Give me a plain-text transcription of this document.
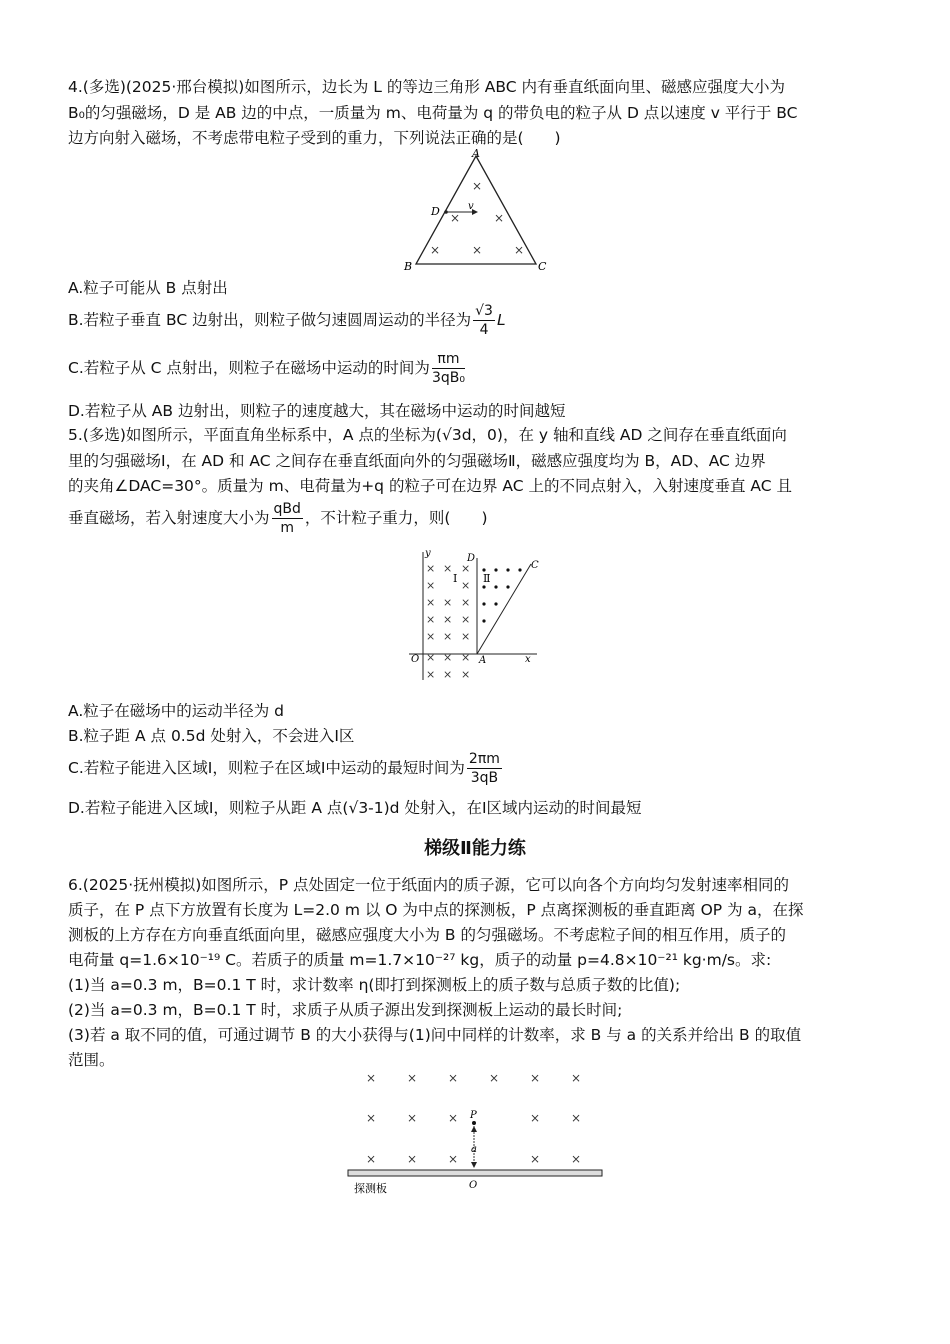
4.(多选)(2025·邢台模拟)如图所示，边长为 L 的等边三角形 ABC 内有垂直纸面向里、磁感应强度大小为
B₀的匀强磁场，D 是 AB 边的中点，一质量为 m、电荷量为 q 的带负电的粒子从 D 点以速度 v 平行于 BC
边方向射入磁场，不考虑带电粒子受到的重力，下列说法正确的是(　　)
A
B	C
D	v
×
×	×
×	×	×
A.粒子可能从 B 点射出
B.若粒子垂直 BC 边射出，则粒子做匀速圆周运动的半径为 $\frac{√3}{4}$ L
C.若粒子从 C 点射出，则粒子在磁场中运动的时间为 $\frac{\pi m}{\text{3qB₀}}$
D.若粒子从 AB 边射出，则粒子的速度越大，其在磁场中运动的时间越短
5.(多选)如图所示，平面直角坐标系中，A 点的坐标为(√3d，0)，在 y 轴和直线 AD 之间存在垂直纸面向
里的匀强磁场Ⅰ，在 AD 和 AC 之间存在垂直纸面向外的匀强磁场Ⅱ，磁感应强度均为 B，AD、AC 边界
的夹角∠DAC=30°。质量为 m、电荷量为+q 的粒子可在边界 AC 上的不同点射入，入射速度垂直 AC 且
垂直磁场，若入射速度大小为 $\frac{\text{qBd}}{m}$ ，不计粒子重力，则(　　)
y
x
O	A
D
C
Ⅰ Ⅱ
× × ×
× ×
× × ×
× × ×
× × ×
× × ×
× × ×
A.粒子在磁场中的运动半径为 d
B.粒子距 A 点 0.5d 处射入，不会进入Ⅰ区
C.若粒子能进入区域Ⅰ，则粒子在区域Ⅰ中运动的最短时间为 $\frac{2\pi m}{3qB}$
D.若粒子能进入区域Ⅰ，则粒子从距 A 点(√3-1)d 处射入，在Ⅰ区域内运动的时间最短
梯级Ⅱ能力练
6.(2025·抚州模拟)如图所示，P 点处固定一位于纸面内的质子源，它可以向各个方向均匀发射速率相同的
质子，在 P 点下方放置有长度为 L=2.0 m 以 O 为中点的探测板，P 点离探测板的垂直距离 OP 为 a，在探
测板的上方存在方向垂直纸面向里，磁感应强度大小为 B 的匀强磁场。不考虑粒子间的相互作用，质子的
电荷量 q=1.6×10⁻¹⁹ C。若质子的质量 m=1.7×10⁻²⁷ kg，质子的动量 p=4.8×10⁻²¹ kg·m/s。求:
(1)当 a=0.3 m，B=0.1 T 时，求计数率 η(即打到探测板上的质子数与总质子数的比值);
(2)当 a=0.3 m，B=0.1 T 时，求质子从质子源出发到探测板上运动的最长时间;
(3)若 a 取不同的值，可通过调节 B 的大小获得与(1)问中同样的计数率，求 B 与 a 的关系并给出 B 的取值
范围。
×	×	×	×	×	×
×	×	×	×	×
×	×	×	×	×
P
a
O
探测板
